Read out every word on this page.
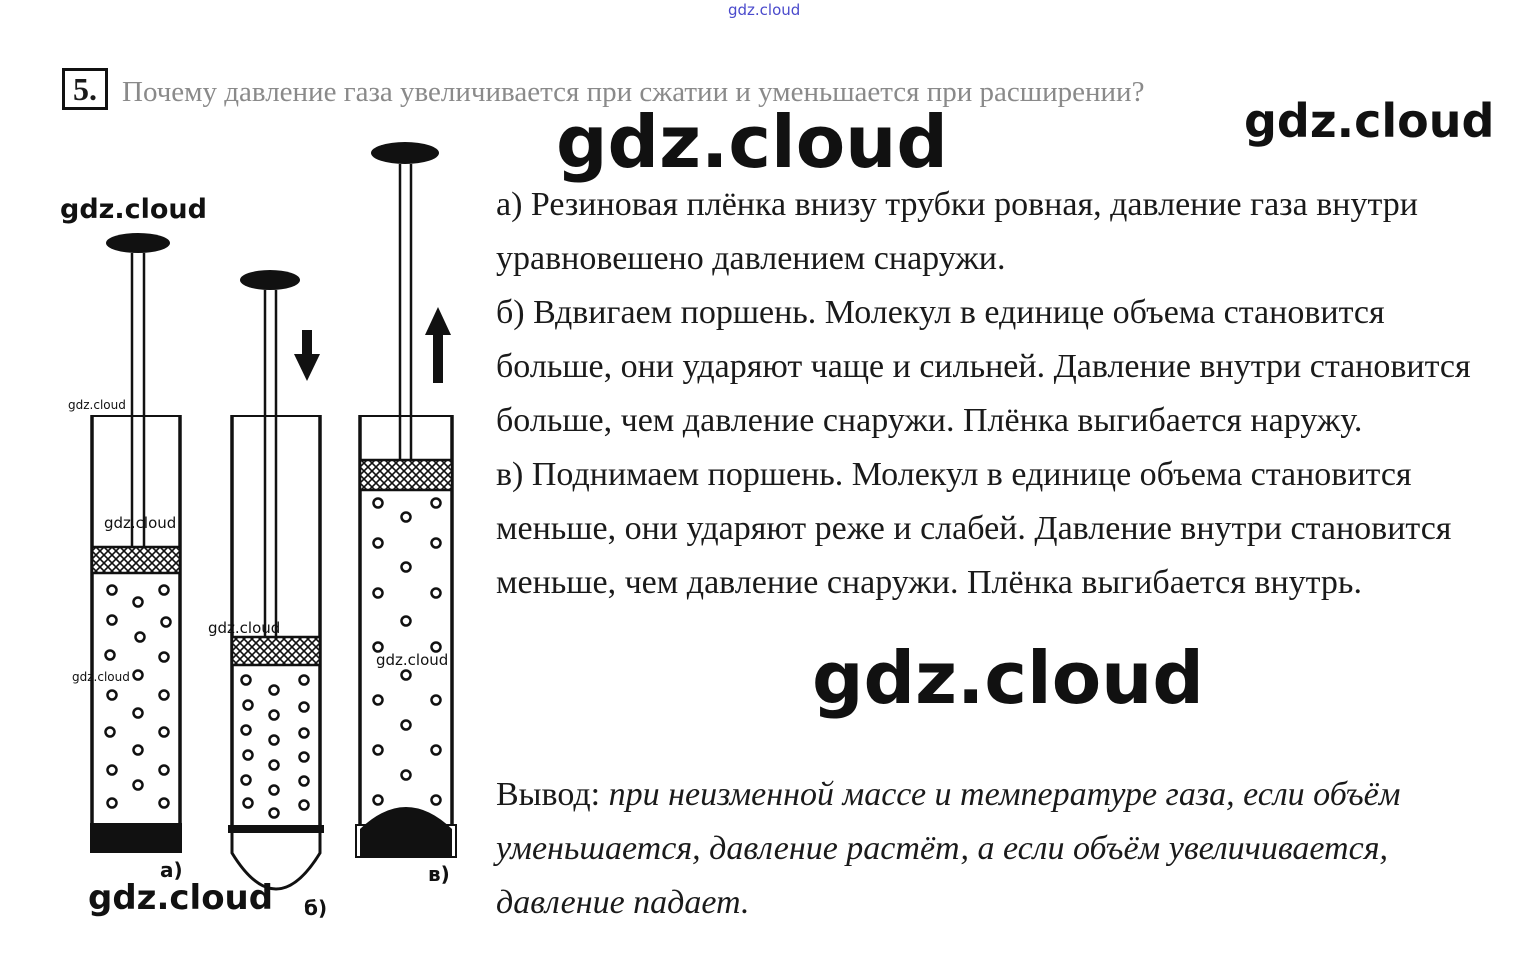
gdz.cloud
5. Почему давление газа увеличивается при сжатии и уменьшается при расширении?
а)
б)
в)

а) Резиновая плёнка внизу трубки ровная, давление газа внутри уравновешено давлением снаружи.

б) Вдвигаем поршень. Молекул в единице объема становится больше, они ударяют чаще и сильней. Давление внутри становится больше, чем давление снаружи. Плёнка выгибается наружу.

в) Поднимаем поршень. Молекул в единице объема становится меньше, они ударяют реже и слабей. Давление внутри становится меньше, чем давление снаружи. Плёнка выгибается внутрь.

Вывод: при неизменной массе и температуре газа, если объём уменьшается, давление растёт, а если объём увеличивается, давление падает.
gdz.cloud	gdz.cloud
gdz.cloud
gdz.cloud
gdz.cloud
gdz.cloud
gdz.cloud
gdz.cloud	gdz.cloud
gdz.cloud
